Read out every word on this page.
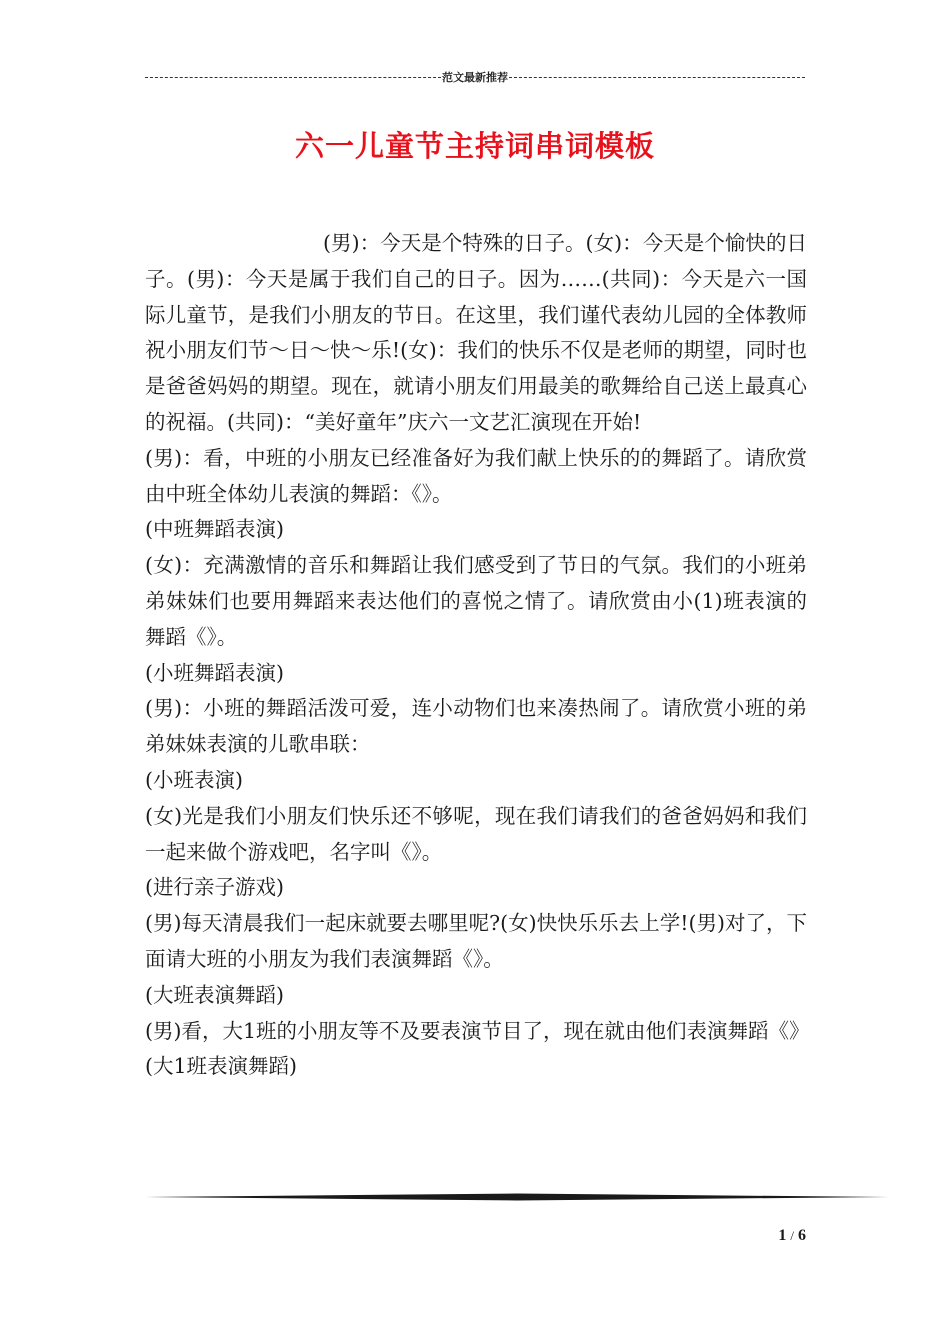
范文最新推荐
六一儿童节主持词串词模板

(男)：今天是个特殊的日子。(女)：今天是个愉快的日子。(男)：今天是属于我们自己的日子。因为……(共同)：今天是六一国际儿童节，是我们小朋友的节日。在这里，我们谨代表幼儿园的全体教师祝小朋友们节～日～快～乐!(女)：我们的快乐不仅是老师的期望，同时也是爸爸妈妈的期望。现在，就请小朋友们用最美的歌舞给自己送上最真心的祝福。(共同)：“美好童年”庆六一文艺汇演现在开始!

(男)：看，中班的小朋友已经准备好为我们献上快乐的的舞蹈了。请欣赏由中班全体幼儿表演的舞蹈：《》。

(中班舞蹈表演)

(女)：充满激情的音乐和舞蹈让我们感受到了节日的气氛。我们的小班弟弟妹妹们也要用舞蹈来表达他们的喜悦之情了。请欣赏由小(1)班表演的舞蹈《》。

(小班舞蹈表演)

(男)：小班的舞蹈活泼可爱，连小动物们也来凑热闹了。请欣赏小班的弟弟妹妹表演的儿歌串联：

(小班表演)

(女)光是我们小朋友们快乐还不够呢，现在我们请我们的爸爸妈妈和我们一起来做个游戏吧，名字叫《》。

(进行亲子游戏)

(男)每天清晨我们一起床就要去哪里呢?(女)快快乐乐去上学!(男)对了，下面请大班的小朋友为我们表演舞蹈《》。

(大班表演舞蹈)

(男)看，大1班的小朋友等不及要表演节目了，现在就由他们表演舞蹈《》

(大1班表演舞蹈)

1 / 6
